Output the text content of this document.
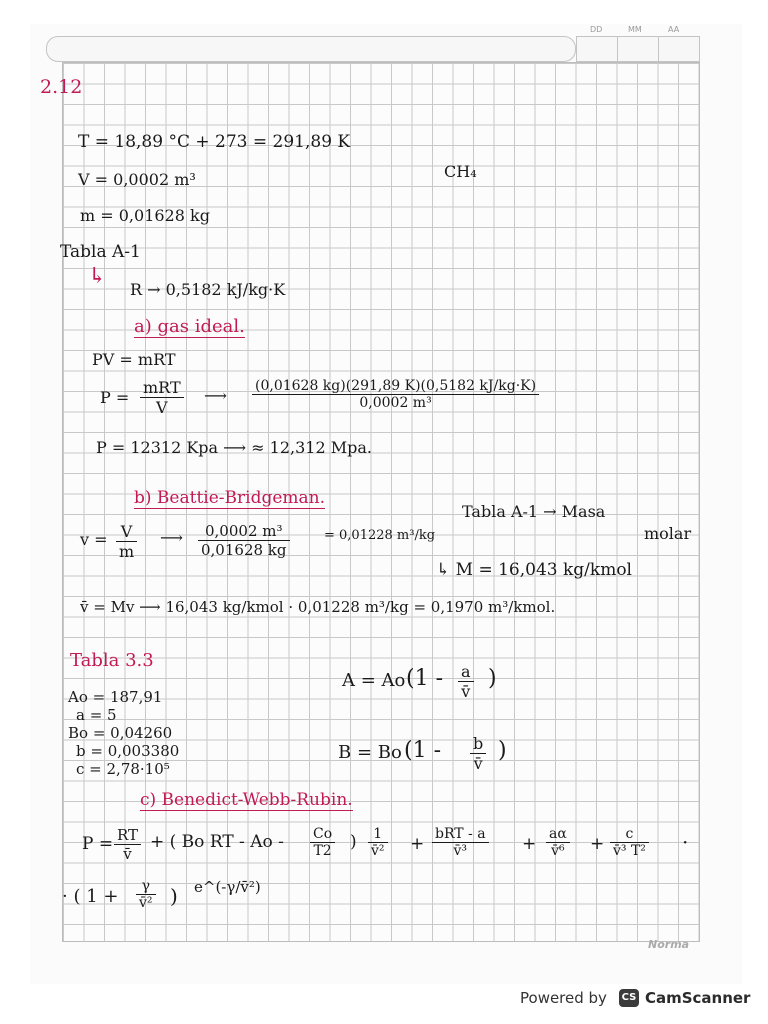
DD	MM	AA
2.12
T = 18,89 °C + 273 = 291,89 K
V = 0,0002 m³	CH₄
m = 0,01628 kg
Tabla A-1
↳
R → 0,5182 kJ/kg·K
a) gas ideal.
PV = mRT
P =
mRT
V
⟶ $\frac{(0,01628 kg)(291,89 K)(0,5182 kJ/kg\cdot K)}{\text{0,0002 m³}}$
P = 12312 Kpa ⟶ ≈ 12,312 Mpa.
b) Beattie-Bridgeman.
Tabla A-1 → Masa
molar
$v = \frac{V}{m}$ ⟶ $\frac{\text{0,0002 m³}}{0,01628 kg}$	= 0,01228 m³/kg
↳ M = 16,043 kg/kmol
v̄ = Mv ⟶ 16,043 kg/kmol · 0,01228 m³/kg = 0,1970 m³/kmol.
Tabla 3.3
Ao = 187,91
a = 5
Bo = 0,04260
b = 0,003380
c = 2,78·10⁵
A = Ao ($1 - \frac{a}{v̄}$ )
B = Bo ($1 - \frac{b}{v̄}$ )
c) Benedict-Webb-Rubin.
$P = \frac{RT}{v̄}$ + ( Bo RT - Ao - $\frac{Co}{T2}$ ) $\frac{1}{\text{v̄²}}$ + bRT - a
v̄³	+ $\frac{a\alpha}{\text{v̄⁶}} + \frac{c}{\text{v̄³ T²}}$ ·
· ( $1 + \frac{\gamma}{\text{v̄²}}$ ) e^(-γ/v̄²)
Norma
Powered by CS CamScanner
